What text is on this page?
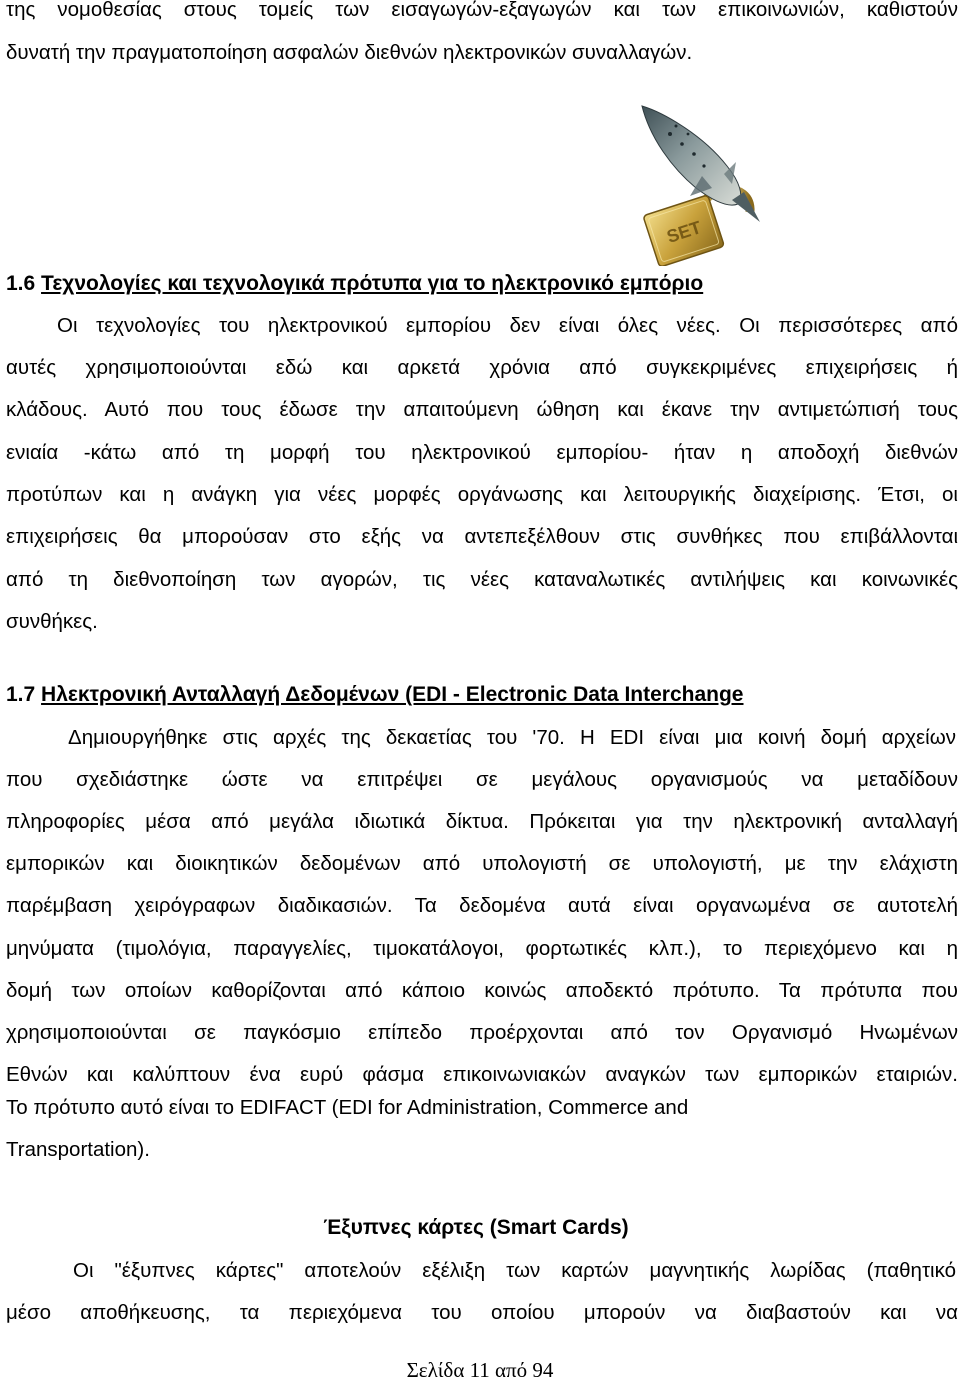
της νομοθεσίας στους τομείς των εισαγωγών-εξαγωγών και των επικοινωνιών, καθιστούν
δυνατή την πραγματοποίηση ασφαλών διεθνών ηλεκτρονικών συναλλαγών.
SET
1.6 Τεχνολογίες και τεχνολογικά πρότυπα για το ηλεκτρονικό εμπόριο
Οι τεχνολογίες του ηλεκτρονικού εμπορίου δεν είναι όλες νέες. Οι περισσότερες από
αυτές χρησιμοποιούνται εδώ και αρκετά χρόνια από συγκεκριμένες επιχειρήσεις ή
κλάδους. Αυτό που τους έδωσε την απαιτούμενη ώθηση και έκανε την αντιμετώπισή τους
ενιαία -κάτω από τη μορφή του ηλεκτρονικού εμπορίου- ήταν η αποδοχή διεθνών
προτύπων και η ανάγκη για νέες μορφές οργάνωσης και λειτουργικής διαχείρισης. Έτσι, οι
επιχειρήσεις θα μπορούσαν στο εξής να αντεπεξέλθουν στις συνθήκες που επιβάλλονται
από τη διεθνοποίηση των αγορών, τις νέες καταναλωτικές αντιλήψεις και κοινωνικές
συνθήκες.
1.7 Ηλεκτρονική Ανταλλαγή Δεδομένων (EDI - Electronic Data Interchange
Δημιουργήθηκε στις αρχές της δεκαετίας του '70. Η EDI είναι μια κοινή δομή αρχείων
που σχεδιάστηκε ώστε να επιτρέψει σε μεγάλους οργανισμούς να μεταδίδουν
πληροφορίες μέσα από μεγάλα ιδιωτικά δίκτυα. Πρόκειται για την ηλεκτρονική ανταλλαγή
εμπορικών και διοικητικών δεδομένων από υπολογιστή σε υπολογιστή, με την ελάχιστη
παρέμβαση χειρόγραφων διαδικασιών. Τα δεδομένα αυτά είναι οργανωμένα σε αυτοτελή
μηνύματα (τιμολόγια, παραγγελίες, τιμοκατάλογοι, φορτωτικές κλπ.), το περιεχόμενο και η
δομή των οποίων καθορίζονται από κάποιο κοινώς αποδεκτό πρότυπο. Τα πρότυπα που
χρησιμοποιούνται σε παγκόσμιο επίπεδο προέρχονται από τον Οργανισμό Ηνωμένων
Εθνών και καλύπτουν ένα ευρύ φάσμα επικοινωνιακών αναγκών των εμπορικών εταιριών.
Το πρότυπο αυτό είναι το EDIFACT (EDI for Administration, Commerce and
Transportation).
Έξυπνες κάρτες (Smart Cards)
Οι "έξυπνες κάρτες" αποτελούν εξέλιξη των καρτών μαγνητικής λωρίδας (παθητικό
μέσο αποθήκευσης, τα περιεχόμενα του οποίου μπορούν να διαβαστούν και να
Σελίδα 11 από 94
